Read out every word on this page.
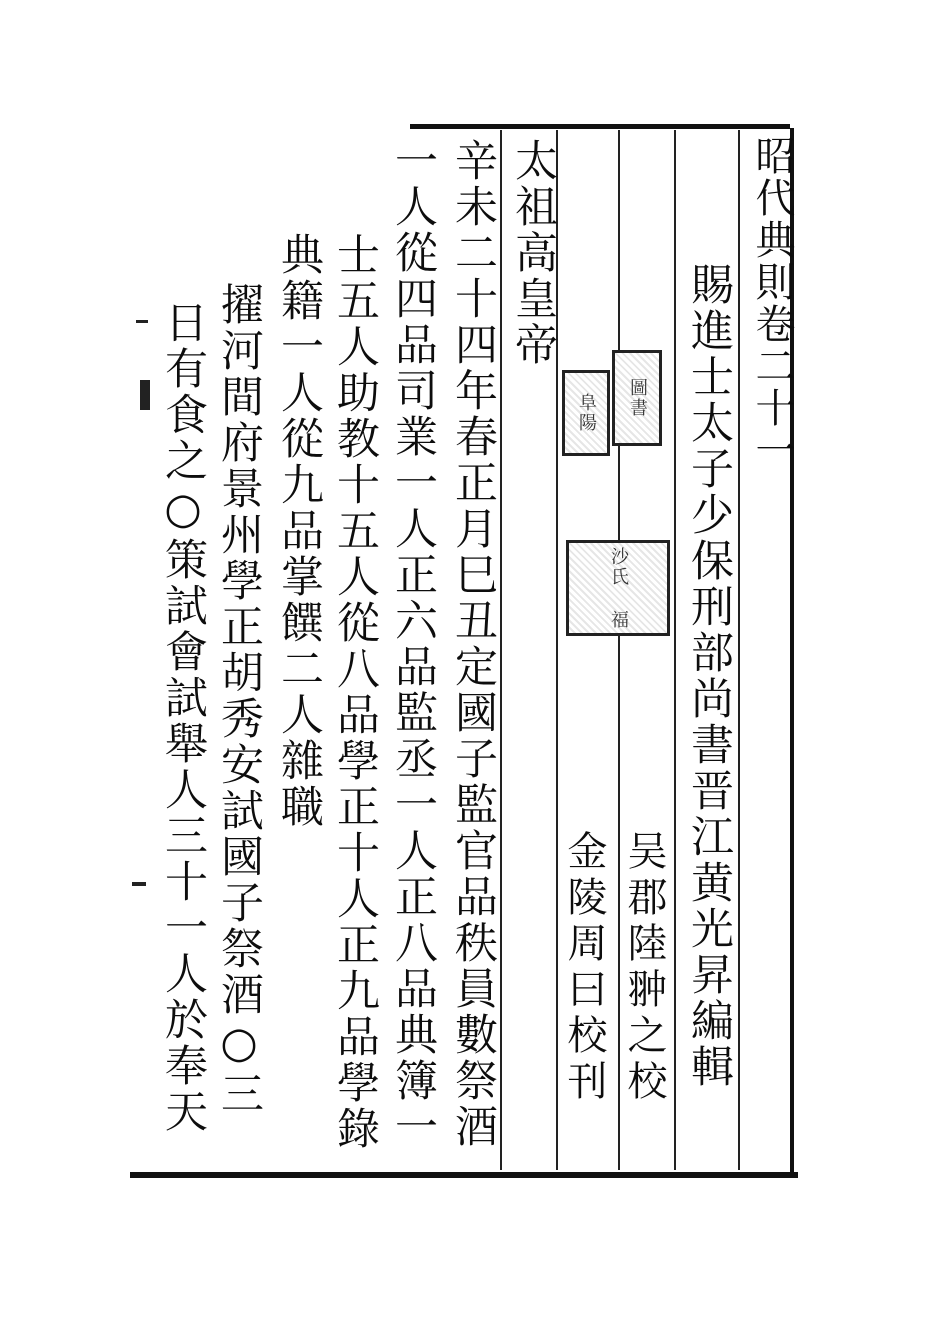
昭代典則卷二十一
賜進士太子少保刑部尚書晋江黄光昇編輯
吴郡陸翀之校
金陵周曰校刊
圖書
阜陽
沙氏 福
太祖高皇帝
辛未二十四年春正月巳丑定國子監官品秩員數祭酒
一人從四品司業一人正六品監丞一人正八品典簿一
士五人助教十五人從八品學正十人正九品學錄
典籍一人從九品掌饌二人雜職
擢河間府景州學正胡秀安試國子祭酒○三
日有食之○策試會試舉人三十一人於奉天
